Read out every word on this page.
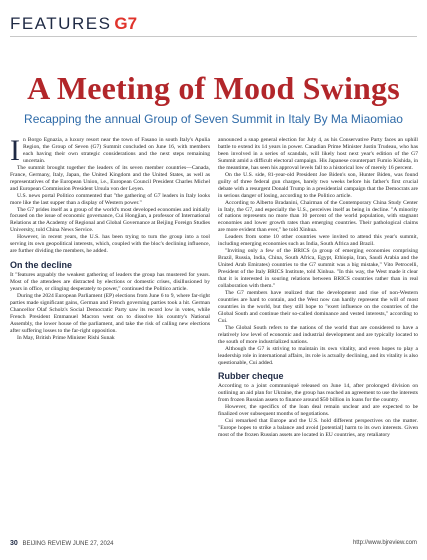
FEATURES G7
A Meeting of Mood Swings
Recapping the annual Group of Seven Summit in Italy By Ma Miaomiao

In Borgo Egnazia, a luxury resort near the town of Fasano in south Italy's Apulia Region, the Group of Seven (G7) Summit concluded on June 16, with members each having their own strategic considerations and the next steps remaining uncertain.

The summit brought together the leaders of its seven member countries—Canada, France, Germany, Italy, Japan, the United Kingdom and the United States, as well as representatives of the European Union, i.e., European Council President Charles Michel and European Commission President Ursula von der Leyen.

U.S. news portal Politico commented that "the gathering of G7 leaders in Italy looks more like the last supper than a display of Western power."

The G7 prides itself as a group of the world's most developed economies and initially focused on the issue of economic governance, Cui Hongjian, a professor of International Relations at the Academy of Regional and Global Governance at Beijing Foreign Studies University, told China News Service.

However, in recent years, the U.S. has been trying to turn the group into a tool serving its own geopolitical interests, which, coupled with the bloc's declining influence, are further dividing the members, he added.

On the decline

It "features arguably the weakest gathering of leaders the group has mustered for years. Most of the attendees are distracted by elections or domestic crises, disillusioned by years in office, or clinging desperately to power," continued the Politico article.

During the 2024 European Parliament (EP) elections from June 6 to 9, where far-right parties made significant gains, German and French governing parties took a hit. German Chancellor Olaf Scholz's Social Democratic Party saw its record low in votes, while French President Emmanuel Macron went on to dissolve his country's National Assembly, the lower house of the parliament, and take the risk of calling new elections after suffering losses to the far-right opposition.

In May, British Prime Minister Rishi Sunak

announced a snap general election for July 4, as his Conservative Party faces an uphill battle to extend its 14 years in power. Canadian Prime Minister Justin Trudeau, who has been involved in a series of scandals, will likely host next year's edition of the G7 Summit amid a difficult electoral campaign. His Japanese counterpart Fumio Kishida, in the meantime, has seen his approval levels fall to a historical low of merely 16 percent.

On the U.S. side, 81-year-old President Joe Biden's son, Hunter Biden, was found guilty of three federal gun charges, barely two weeks before his father's first crucial debate with a resurgent Donald Trump in a presidential campaign that the Democrats are in serious danger of losing, according to the Politico article.

According to Alberto Bradanini, Chairman of the Contemporary China Study Center in Italy, the G7, and especially the U.S., perceives itself as being in decline. "A minority of nations represents no more than 10 percent of the world population, with stagnant economies and lower growth rates than emerging countries. Their pathological claims are more evident than ever," he told Xinhua.

Leaders from some 10 other countries were invited to attend this year's summit, including emerging economies such as India, South Africa and Brazil.

"Inviting only a few of the BRICS (a group of emerging economies comprising Brazil, Russia, India, China, South Africa, Egypt, Ethiopia, Iran, Saudi Arabia and the United Arab Emirates) countries to the G7 summit was a big mistake," Vito Petrocelli, President of the Italy BRICS Institute, told Xinhua. "In this way, the West made it clear that it is interested in souring relations between BRICS countries rather than in real collaboration with them."

The G7 members have realized that the development and rise of non-Western countries are hard to contain, and the West now can hardly represent the will of most countries in the world, but they still hope to "exert influence on the countries of the Global South and continue their so-called dominance and vested interests," according to Cui.

The Global South refers to the nations of the world that are considered to have a relatively low level of economic and industrial development and are typically located to the south of more industrialized nations.

Although the G7 is striving to maintain its own vitality, and even hopes to play a leadership role in international affairs, its role is actually declining, and its vitality is also questionable, Cui added.

Rubber cheque

According to a joint communiqué released on June 14, after prolonged division on outlining an aid plan for Ukraine, the group has reached an agreement to use the interests from frozen Russian assets to finance around $50 billion in loans for the country.

However, the specifics of the loan deal remain unclear and are expected to be finalized over subsequent months of negotiations.

Cui remarked that Europe and the U.S. hold different perspectives on the matter. "Europe hopes to strike a balance and avoid [potential] harm to its own interests. Given most of the frozen Russian assets are located in EU countries, any retaliatory

30 BEIJING REVIEW JUNE 27, 2024	http://www.bjreview.com
